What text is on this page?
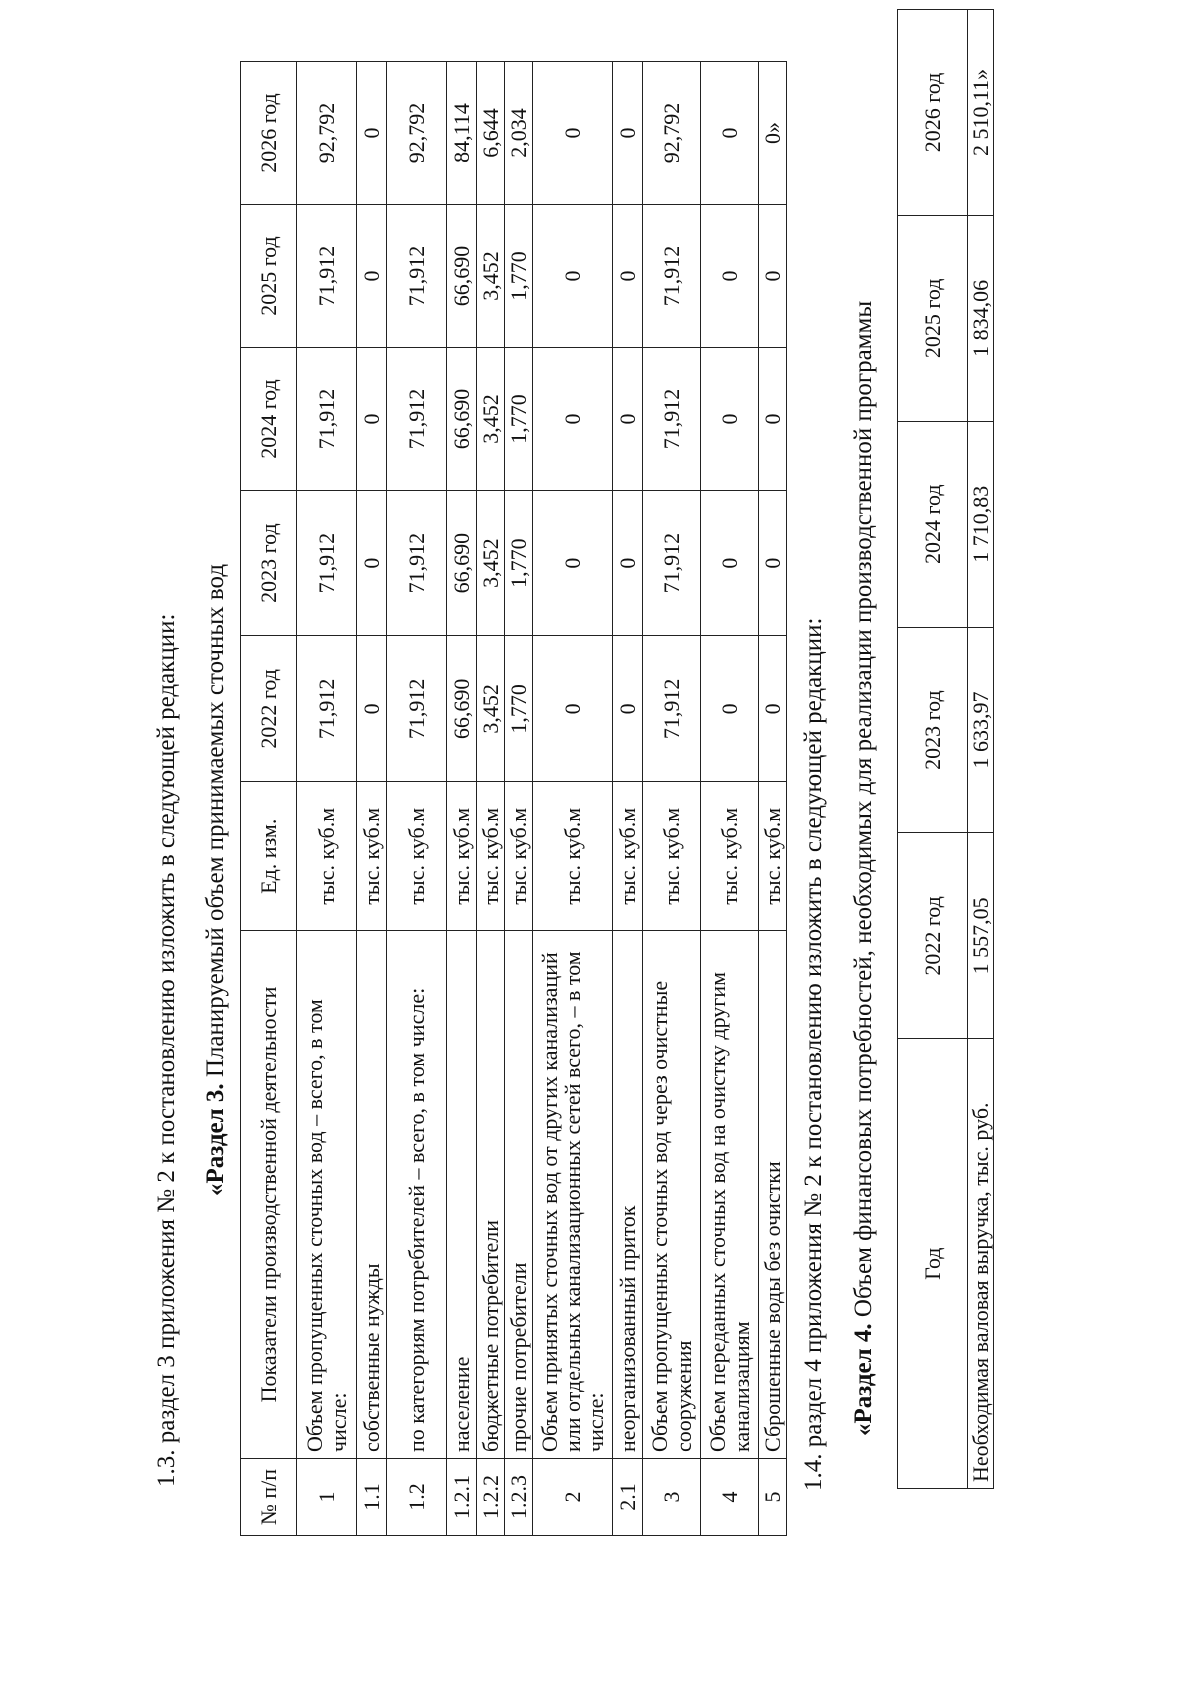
1.3. раздел 3 приложения № 2 к постановлению изложить в следующей редакции: «Раздел 3. Планируемый объем принимаемых сточных вод
№ п/п	Показатели производственной деятельности	Ед. изм.	2022 год	2023 год	2024 год	2025 год	2026 год
1	Объем пропущенных сточных вод – всего, в том числе:	тыс. куб.м	71,912	71,912	71,912	71,912	92,792
1.1	собственные нужды	тыс. куб.м	0	0	0	0	0
1.2	по категориям потребителей – всего, в том числе:	тыс. куб.м	71,912	71,912	71,912	71,912	92,792
1.2.1	население	тыс. куб.м	66,690	66,690	66,690	66,690	84,114
1.2.2	бюджетные потребители	тыс. куб.м	3,452	3,452	3,452	3,452	6,644
1.2.3	прочие потребители	тыс. куб.м	1,770	1,770	1,770	1,770	2,034
2	Объем принятых сточных вод от других канализаций или отдельных канализационных сетей всего, – в том числе:	тыс. куб.м	0	0	0	0	0
2.1	неорганизованный приток	тыс. куб.м	0	0	0	0	0
3	Объем пропущенных сточных вод через очистные сооружения	тыс. куб.м	71,912	71,912	71,912	71,912	92,792
4	Объем переданных сточных вод на очистку другим канализациям	тыс. куб.м	0	0	0	0	0
5	Сброшенные воды без очистки	тыс. куб.м	0	0	0	0	0»
1.4. раздел 4 приложения № 2 к постановлению изложить в следующей редакции: «Раздел 4. Объем финансовых потребностей, необходимых для реализации производственной программы Год	2022 год	2023 год	2024 год	2025 год	2026 год
Необходимая валовая выручка, тыс. руб.	1 557,05	1 633,97	1 710,83	1 834,06	2 510,11»
